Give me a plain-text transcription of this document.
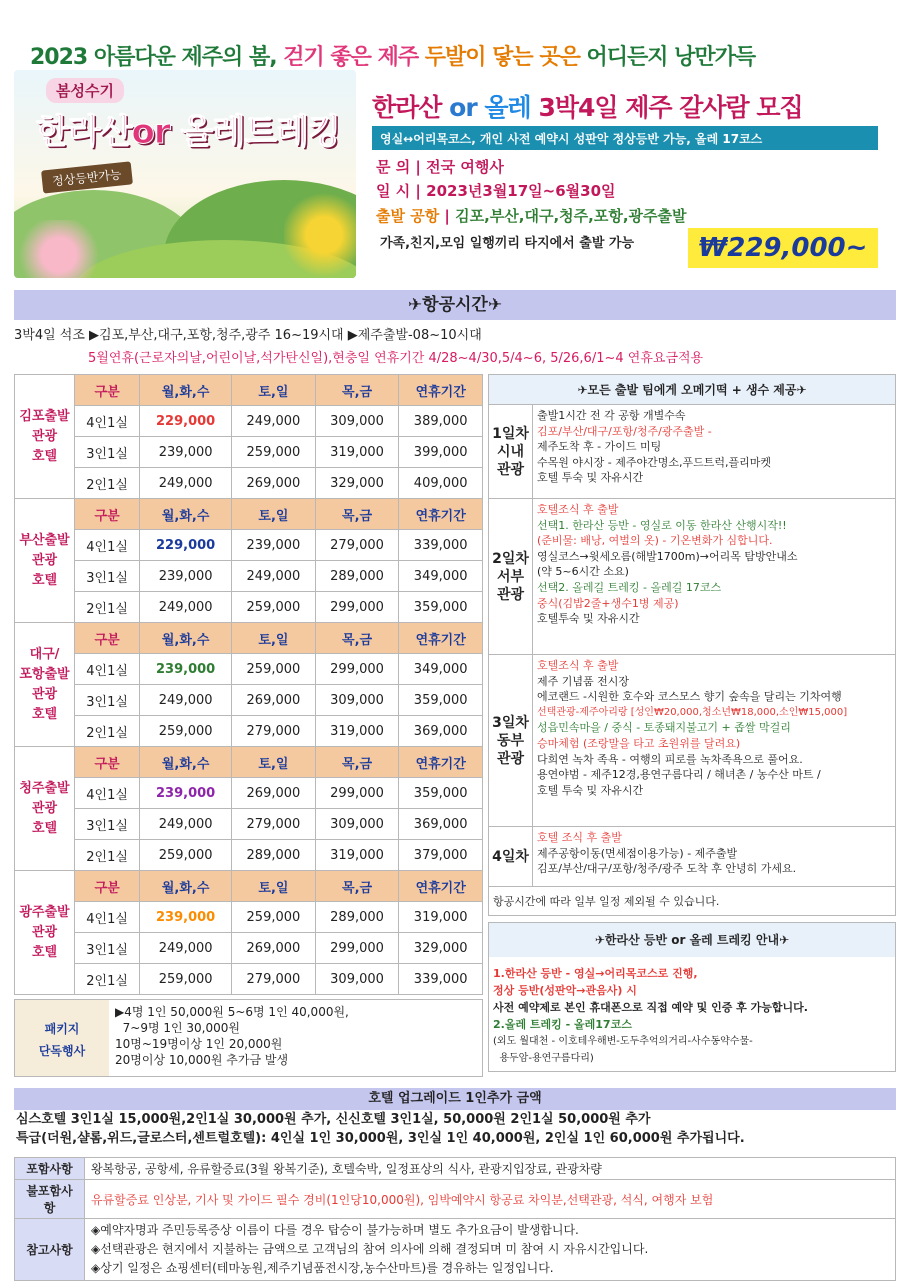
2023 아름다운 제주의 봄, 걷기 좋은 제주 두발이 닿는 곳은 어디든지 낭만가득
봄성수기
한라산or 올레트레킹
정상등반가능
한라산 or 올레 3박4일 제주 갈사람 모집
영실↔어리목코스, 개인 사전 예약시 성판악 정상등반 가능, 올레 17코스
문 의 | 전국 여행사
일 시 | 2023년3월17일~6월30일
출발 공항 | 김포,부산,대구,청주,포항,광주출발
가족,친지,모임 일행끼리 타지에서 출발 가능	₩229,000~
✈항공시간✈
3박4일 석조 ▶김포,부산,대구,포항,청주,광주 16~19시대 ▶제주출발-08~10시대
5월연휴(근로자의날,어린이날,석가탄신일),현충일 연휴기간 4/28~4/30,5/4~6, 5/26,6/1~4 연휴요금적용
김포출발
관광
호텔	구분	월,화,수	토,일	목,금	연휴기간
	4인1실	229,000	249,000	309,000	389,000
	3인1실	239,000	259,000	319,000	399,000
	2인1실	249,000	269,000	329,000	409,000
부산출발
관광
호텔	구분	월,화,수	토,일	목,금	연휴기간
	4인1실	229,000	239,000	279,000	339,000
	3인1실	239,000	249,000	289,000	349,000
	2인1실	249,000	259,000	299,000	359,000
대구/
포항출발
관광
호텔	구분	월,화,수	토,일	목,금	연휴기간
	4인1실	239,000	259,000	299,000	349,000
	3인1실	249,000	269,000	309,000	359,000
	2인1실	259,000	279,000	319,000	369,000
청주출발
관광
호텔	구분	월,화,수	토,일	목,금	연휴기간
	4인1실	239,000	269,000	299,000	359,000
	3인1실	249,000	279,000	309,000	369,000
	2인1실	259,000	289,000	319,000	379,000
광주출발
관광
호텔	구분	월,화,수	토,일	목,금	연휴기간
	4인1실	239,000	259,000	289,000	319,000
	3인1실	249,000	269,000	299,000	329,000
	2인1실	259,000	279,000	309,000	339,000
패키지
단독행사
▶4명 1인 50,000원 5~6명 1인 40,000원,
7~9명 1인 30,000원
10명~19명이상 1인 20,000원
20명이상 10,000원 추가금 발생
✈모든 출발 팀에게 오메기떡 + 생수 제공✈
1일차
시내
관광
출발1시간 전 각 공항 개별수속
김포/부산/대구/포항/청주/광주출발 -
제주도착 후 - 가이드 미팅
수목원 야시장 - 제주야간명소,푸드트럭,플리마켓
호텔 투숙 및 자유시간
2일차
서부
관광
호텔조식 후 출발
선택1. 한라산 등반 - 영실로 이동 한라산 산행시작!!
(준비물: 배낭, 여벌의 옷) - 기온변화가 심합니다.
영실코스→윗세오름(해발1700m)→어리목 탐방안내소
(약 5~6시간 소요)
선택2. 올레길 트레킹 - 올레길 17코스
중식(김밥2줄+생수1병 제공)
호텔투숙 및 자유시간
3일차
동부
관광
호텔조식 후 출발
제주 기념품 전시장
에코랜드 -시원한 호수와 코스모스 향기 숲속을 달리는 기차여행
선택관광-제주아리랑 [성인₩20,000,청소년₩18,000,소인₩15,000]
성읍민속마을 / 중식 - 토종돼지불고기 + 좁쌀 막걸리
승마체험 (조랑말을 타고 초원위를 달려요)
다희연 녹차 족욕 - 여행의 피로를 녹차족욕으로 풀어요.
용연야범 - 제주12경,용연구름다리 / 해녀촌 / 농수산 마트 /
호텔 투숙 및 자유시간
4일차
호텔 조식 후 출발
제주공항이동(면세점이용가능) - 제주출발
김포/부산/대구/포항/청주/광주 도착 후 안녕히 가세요.
항공시간에 따라 일부 일정 제외될 수 있습니다.
✈한라산 등반 or 올레 트레킹 안내✈
1.한라산 등반 - 영실→어리목코스로 진행,
정상 등반(성판악→관음사) 시
사전 예약제로 본인 휴대폰으로 직접 예약 및 인증 후 가능합니다.
2.올레 트레킹 - 올레17코스
(외도 월대천 - 이호테우해변-도두추억의거리-사수동약수물-
용두암-용연구름다리)
호텔 업그레이드 1인추가 금액
심스호텔 3인1실 15,000원,2인1실 30,000원 추가, 신신호텔 3인1실, 50,000원 2인1실 50,000원 추가
특급(더원,샬롬,위드,글로스터,센트럴호텔): 4인실 1인 30,000원, 3인실 1인 40,000원, 2인실 1인 60,000원 추가됩니다.
포함사항	왕복항공, 공항세, 유류할증료(3월 왕복기준), 호텔숙박, 일정표상의 식사, 관광지입장료, 관광차량
불포함사항	유류할증료 인상분, 기사 및 가이드 필수 경비(1인당10,000원), 임박예약시 항공료 차익분,선택관광, 석식, 여행자 보험
참고사항	◈예약자명과 주민등록증상 이름이 다를 경우 탑승이 불가능하며 별도 추가요금이 발생합니다.
◈선택관광은 현지에서 지불하는 금액으로 고객님의 참여 의사에 의해 결정되며 미 참여 시 자유시간입니다.
◈상기 일정은 쇼핑센터(테마농원,제주기념품전시장,농수산마트)를 경유하는 일정입니다.
